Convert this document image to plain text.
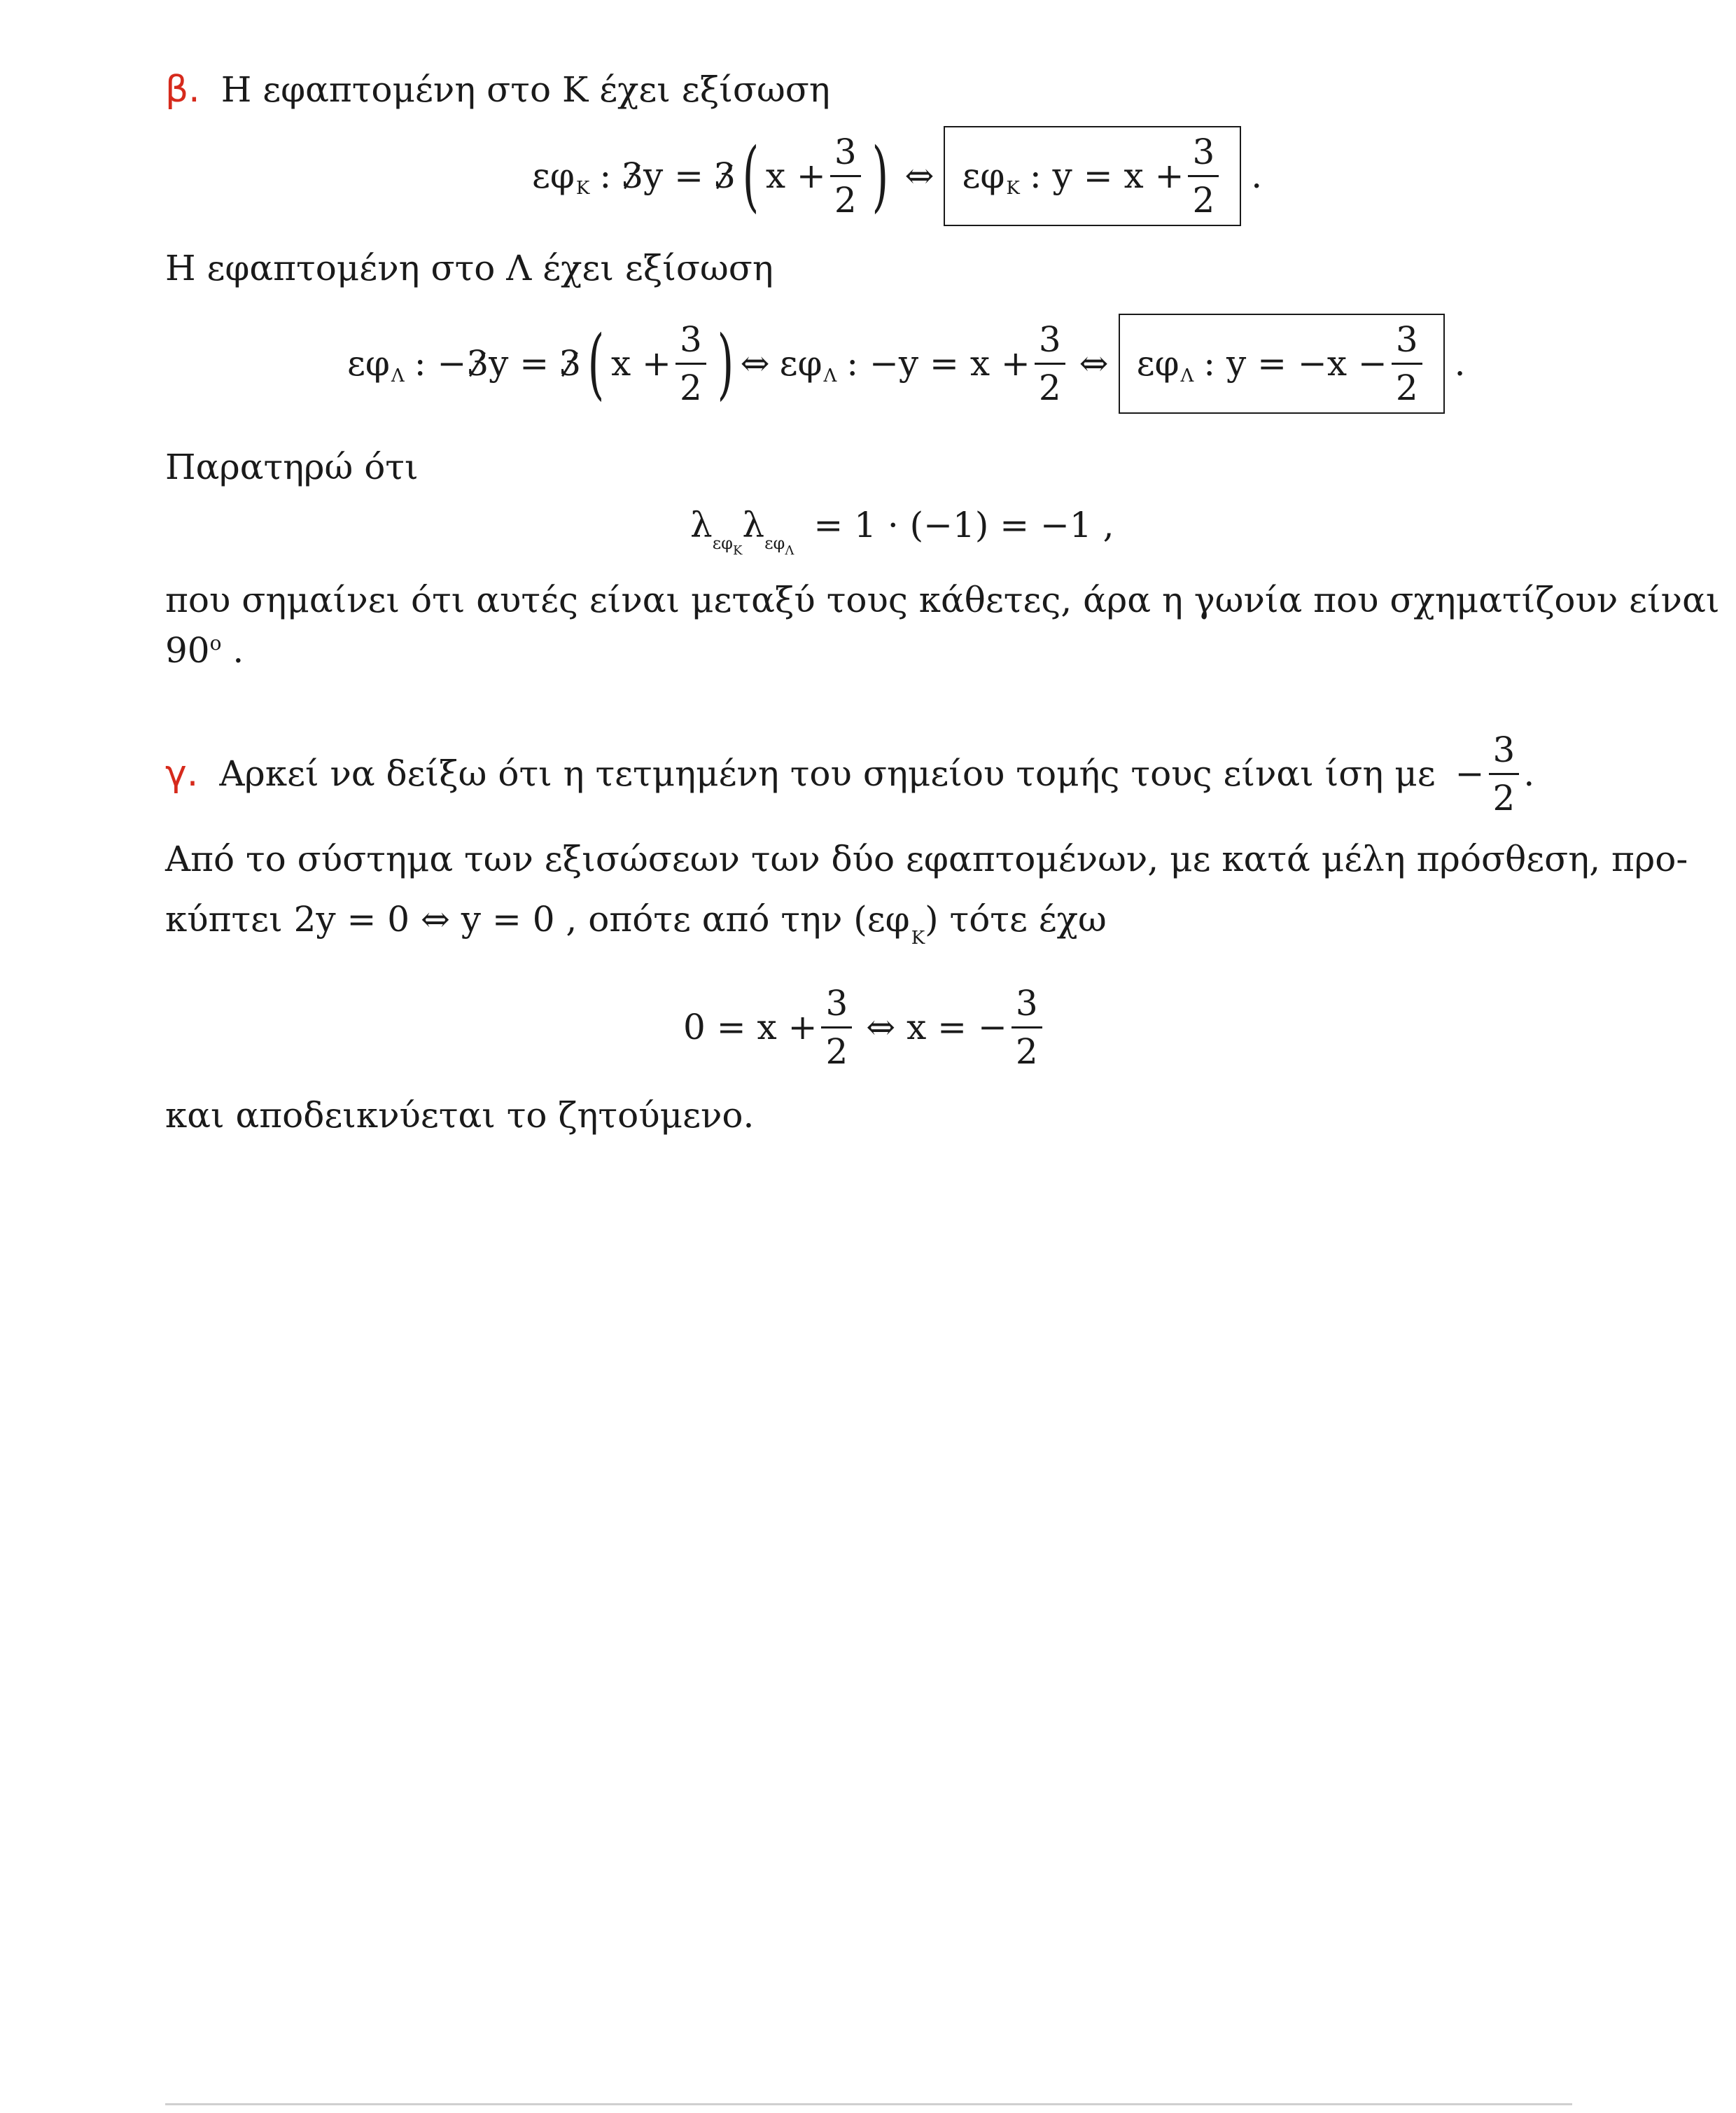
β. Η εφαπτομένη στο Κ έχει εξίσωση
εφ Κ : 3 y = 3 ( $x + \frac{3}{2}$ ) ⇔ εφ Κ : $y = x + \frac{3}{2}$ .
Η εφαπτομένη στο Λ έχει εξίσωση
εφ Λ : − 3 y = 3 ( $x + \frac{3}{2}$ ) ⇔ εφ Λ : $-y = x + \frac{3}{2}$ ⇔ εφ Λ : $y = -x - \frac{3}{2}$ .
Παρατηρώ ότι
λ $\varepsilon\varphi_K$
λ $\varepsilon\varphi_\Lambda$
= 1 · (−1) = −1 ,
που σημαίνει ότι αυτές είναι μεταξύ τους κάθετες, άρα η γωνία που σχηματίζουν είναι
$90^o$ .
γ. Αρκεί να δείξω ότι η τετμημένη του σημείου τομής τους είναι ίση $\mu\varepsilon - \frac{3}{2}$ .
Από το σύστημα των εξισώσεων των δύο εφαπτομένων, με κατά μέλη πρόσθεση, προ-
κύπτει 2y = 0 ⇔ y = 0 , οπότε από την $(\varepsilon\varphi_K)$ τότε έχω
$0 = x + \frac{3}{2}$ ⇔ x = − $\frac{3}{2}$
και αποδεικνύεται το ζητούμενο.
